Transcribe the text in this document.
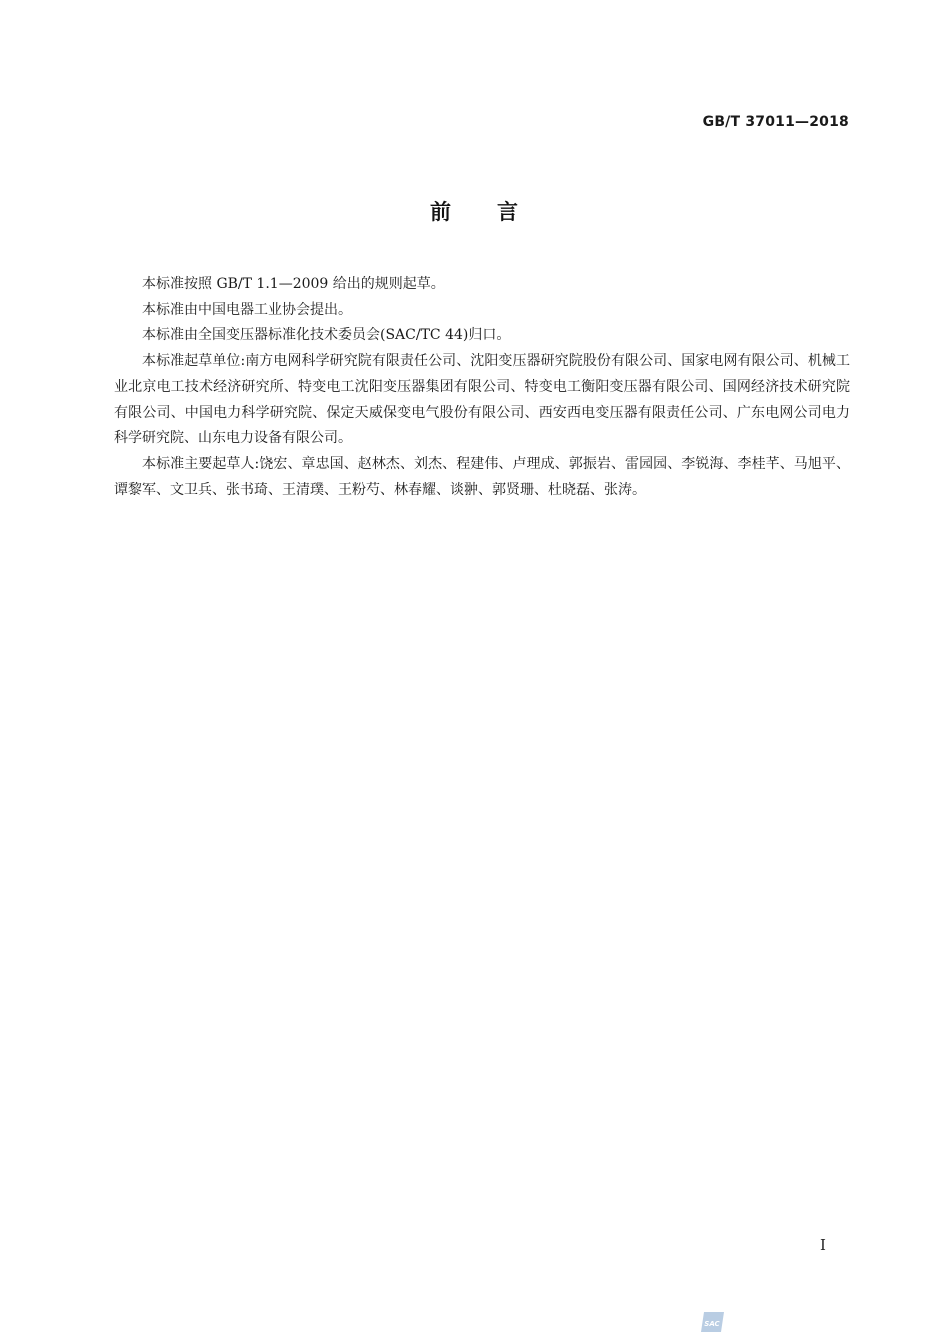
GB/T 37011—2018
前 言

本标准按照 GB/T 1.1—2009 给出的规则起草。

本标准由中国电器工业协会提出。

本标准由全国变压器标准化技术委员会(SAC/TC 44)归口。

本标准起草单位:南方电网科学研究院有限责任公司、沈阳变压器研究院股份有限公司、国家电网有限公司、机械工业北京电工技术经济研究所、特变电工沈阳变压器集团有限公司、特变电工衡阳变压器有限公司、国网经济技术研究院有限公司、中国电力科学研究院、保定天威保变电气股份有限公司、西安西电变压器有限责任公司、广东电网公司电力科学研究院、山东电力设备有限公司。

本标准主要起草人:饶宏、章忠国、赵林杰、刘杰、程建伟、卢理成、郭振岩、雷园园、李锐海、李桂芊、马旭平、谭黎军、文卫兵、张书琦、王清璞、王粉芍、林春耀、谈翀、郭贤珊、杜晓磊、张涛。

I
SAC
